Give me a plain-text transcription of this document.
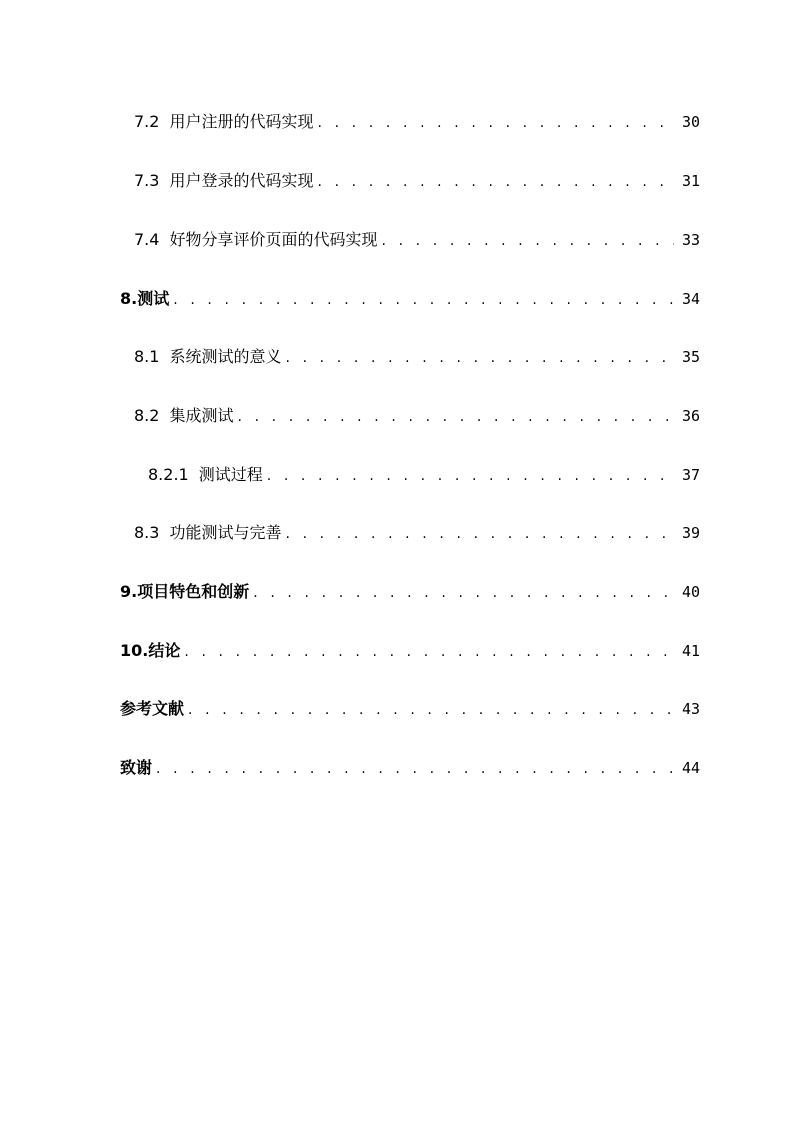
7.2 用户注册的代码实现 . . .	30
7.3 用户登录的代码实现 . . .	31
7.4 好物分享评价页面的代码实现 . . .	33
8. 测试 . . .	34
8.1 系统测试的意义 . . .	35
8.2 集成测试 . . .	36
8.2.1 测试过程 . . .	37
8.3 功能测试与完善 . . .	39
9. 项目特色和创新 . . .	40
10. 结论 . . .	41
参考文献 . . .	43
致谢 . . .	44
